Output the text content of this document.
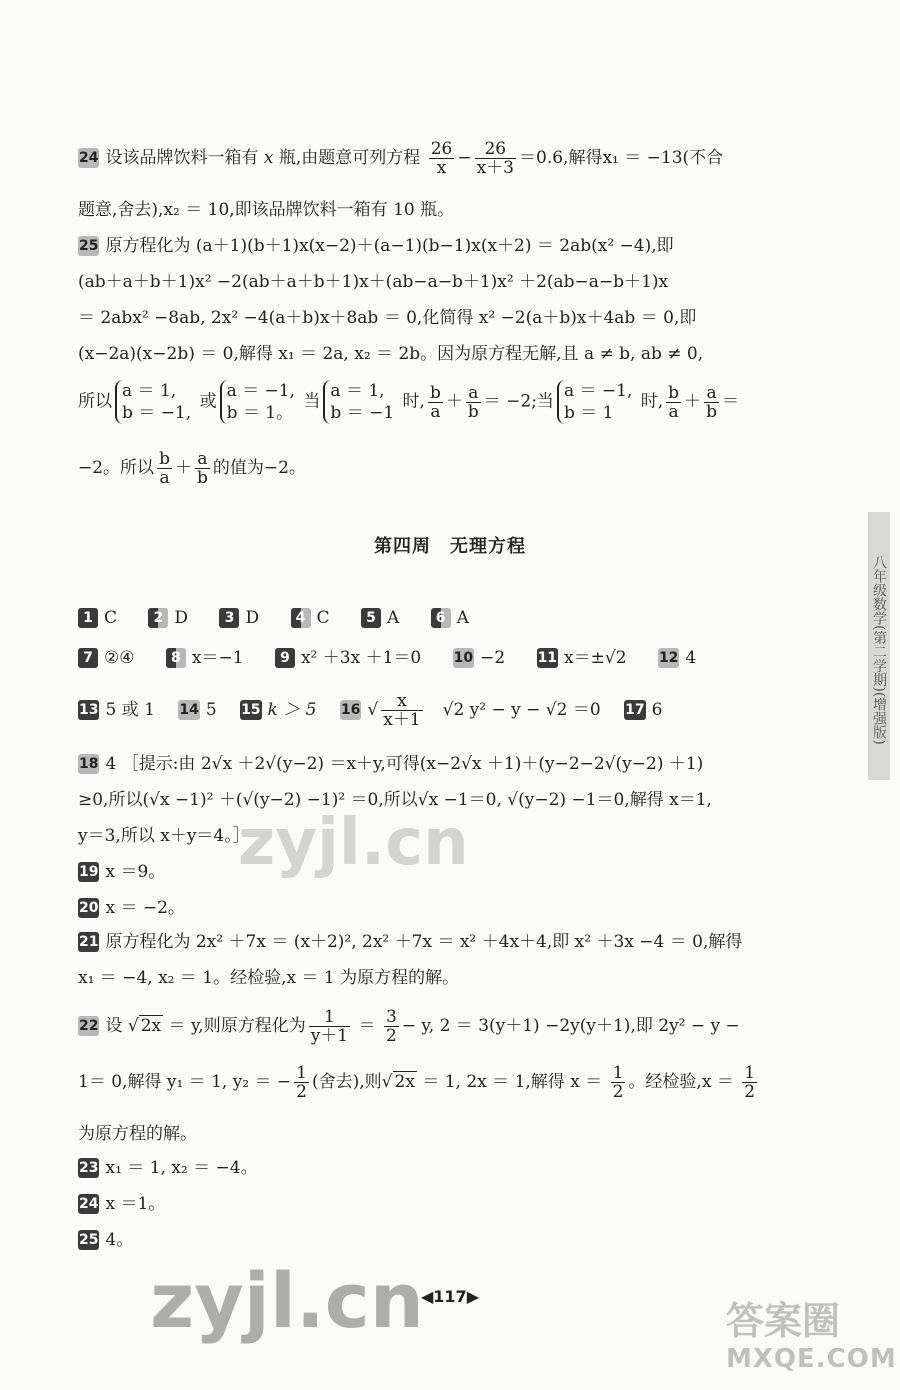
24 设该品牌饮料一箱有 x 瓶,由题意可列方程 $\frac{26}{x} - \frac{26}{x+3} =0.6$,解得x₁ ＝ −13(不合
题意,舍去),x₂ ＝ 10,即该品牌饮料一箱有 10 瓶。
25 原方程化为 (a＋1)(b＋1)x(x−2)＋(a−1)(b−1)x(x＋2) ＝ 2ab(x² −4),即
(ab＋a＋b＋1)x² −2(ab＋a＋b＋1)x＋(ab−a−b＋1)x² ＋2(ab−a−b＋1)x
＝ 2abx² −8ab, 2x² −4(a＋b)x＋8ab ＝ 0,化简得 x² −2(a＋b)x＋4ab ＝ 0,即
(x−2a)(x−2b) ＝ 0,解得 x₁ ＝ 2a, x₂ ＝ 2b。因为原方程无解,且 a ≠ b, ab ≠ 0,
所以
a ＝ 1,
b ＝ −1,
或
a ＝ −1,
b ＝ 1。
当
a ＝ 1,
b ＝ −1
时, $\frac{b}{a} + \frac{a}{b} = -2$;当
a ＝ −1,
b ＝ 1
时, $\frac{b}{a} + \frac{a}{b}$ ＝
−2。所以 $\frac{b}{a} + \frac{a}{b}$ 的值为−2。
第四周　无理方程
八年级数学(第二学期)(增强版)
1 C	2 D	3 D	4 C	5 A	6 A
7 ②④	8 x＝−1	9 x² ＋3x ＋1＝0 10 −2 11 x＝±√2 12 4
13 5 或 1 14 5 15 k ＞ 5 16 √ $\frac{x}{x+1}$
　 √2 y² − y − √2 ＝0 17 6
18 4 ［提示:由 2√x ＋2√(y−2) ＝x＋y,可得(x−2√x ＋1)＋(y−2−2√(y−2) ＋1)
≥0,所以(√x −1)² ＋(√(y−2) −1)² ＝0,所以√x −1＝0, √(y−2) −1＝0,解得 x＝1,
y＝3,所以 x＋y＝4。］
19 x ＝9。
20 x ＝ −2。
21 原方程化为 2x² ＋7x ＝ (x＋2)², 2x² ＋7x ＝ x² ＋4x＋4,即 x² ＋3x −4 ＝ 0,解得
x₁ ＝ −4, x₂ ＝ 1。经检验,x ＝ 1 为原方程的解。
22 设 √ 2x ＝ y,则原方程化为 $\frac{1}{y+1} = \frac{3}{2} - y$, 2 ＝ 3(y＋1) −2y(y＋1),即 2y² − y −
1＝ 0,解得 y₁ ＝ 1, y₂ ＝ − $\frac{1}{2}$ (舍去),则√ 2x ＝ 1, 2x ＝ 1,解得 $x = \frac{1}{2}$ 。经检验$,x = \frac{1}{2}$
为原方程的解。
23 x₁ ＝ 1, x₂ ＝ −4。
24 x ＝1。
25 4。
◀117▶
zyjl.cn
zyjl.cn	答案圈
MXQE.COM
